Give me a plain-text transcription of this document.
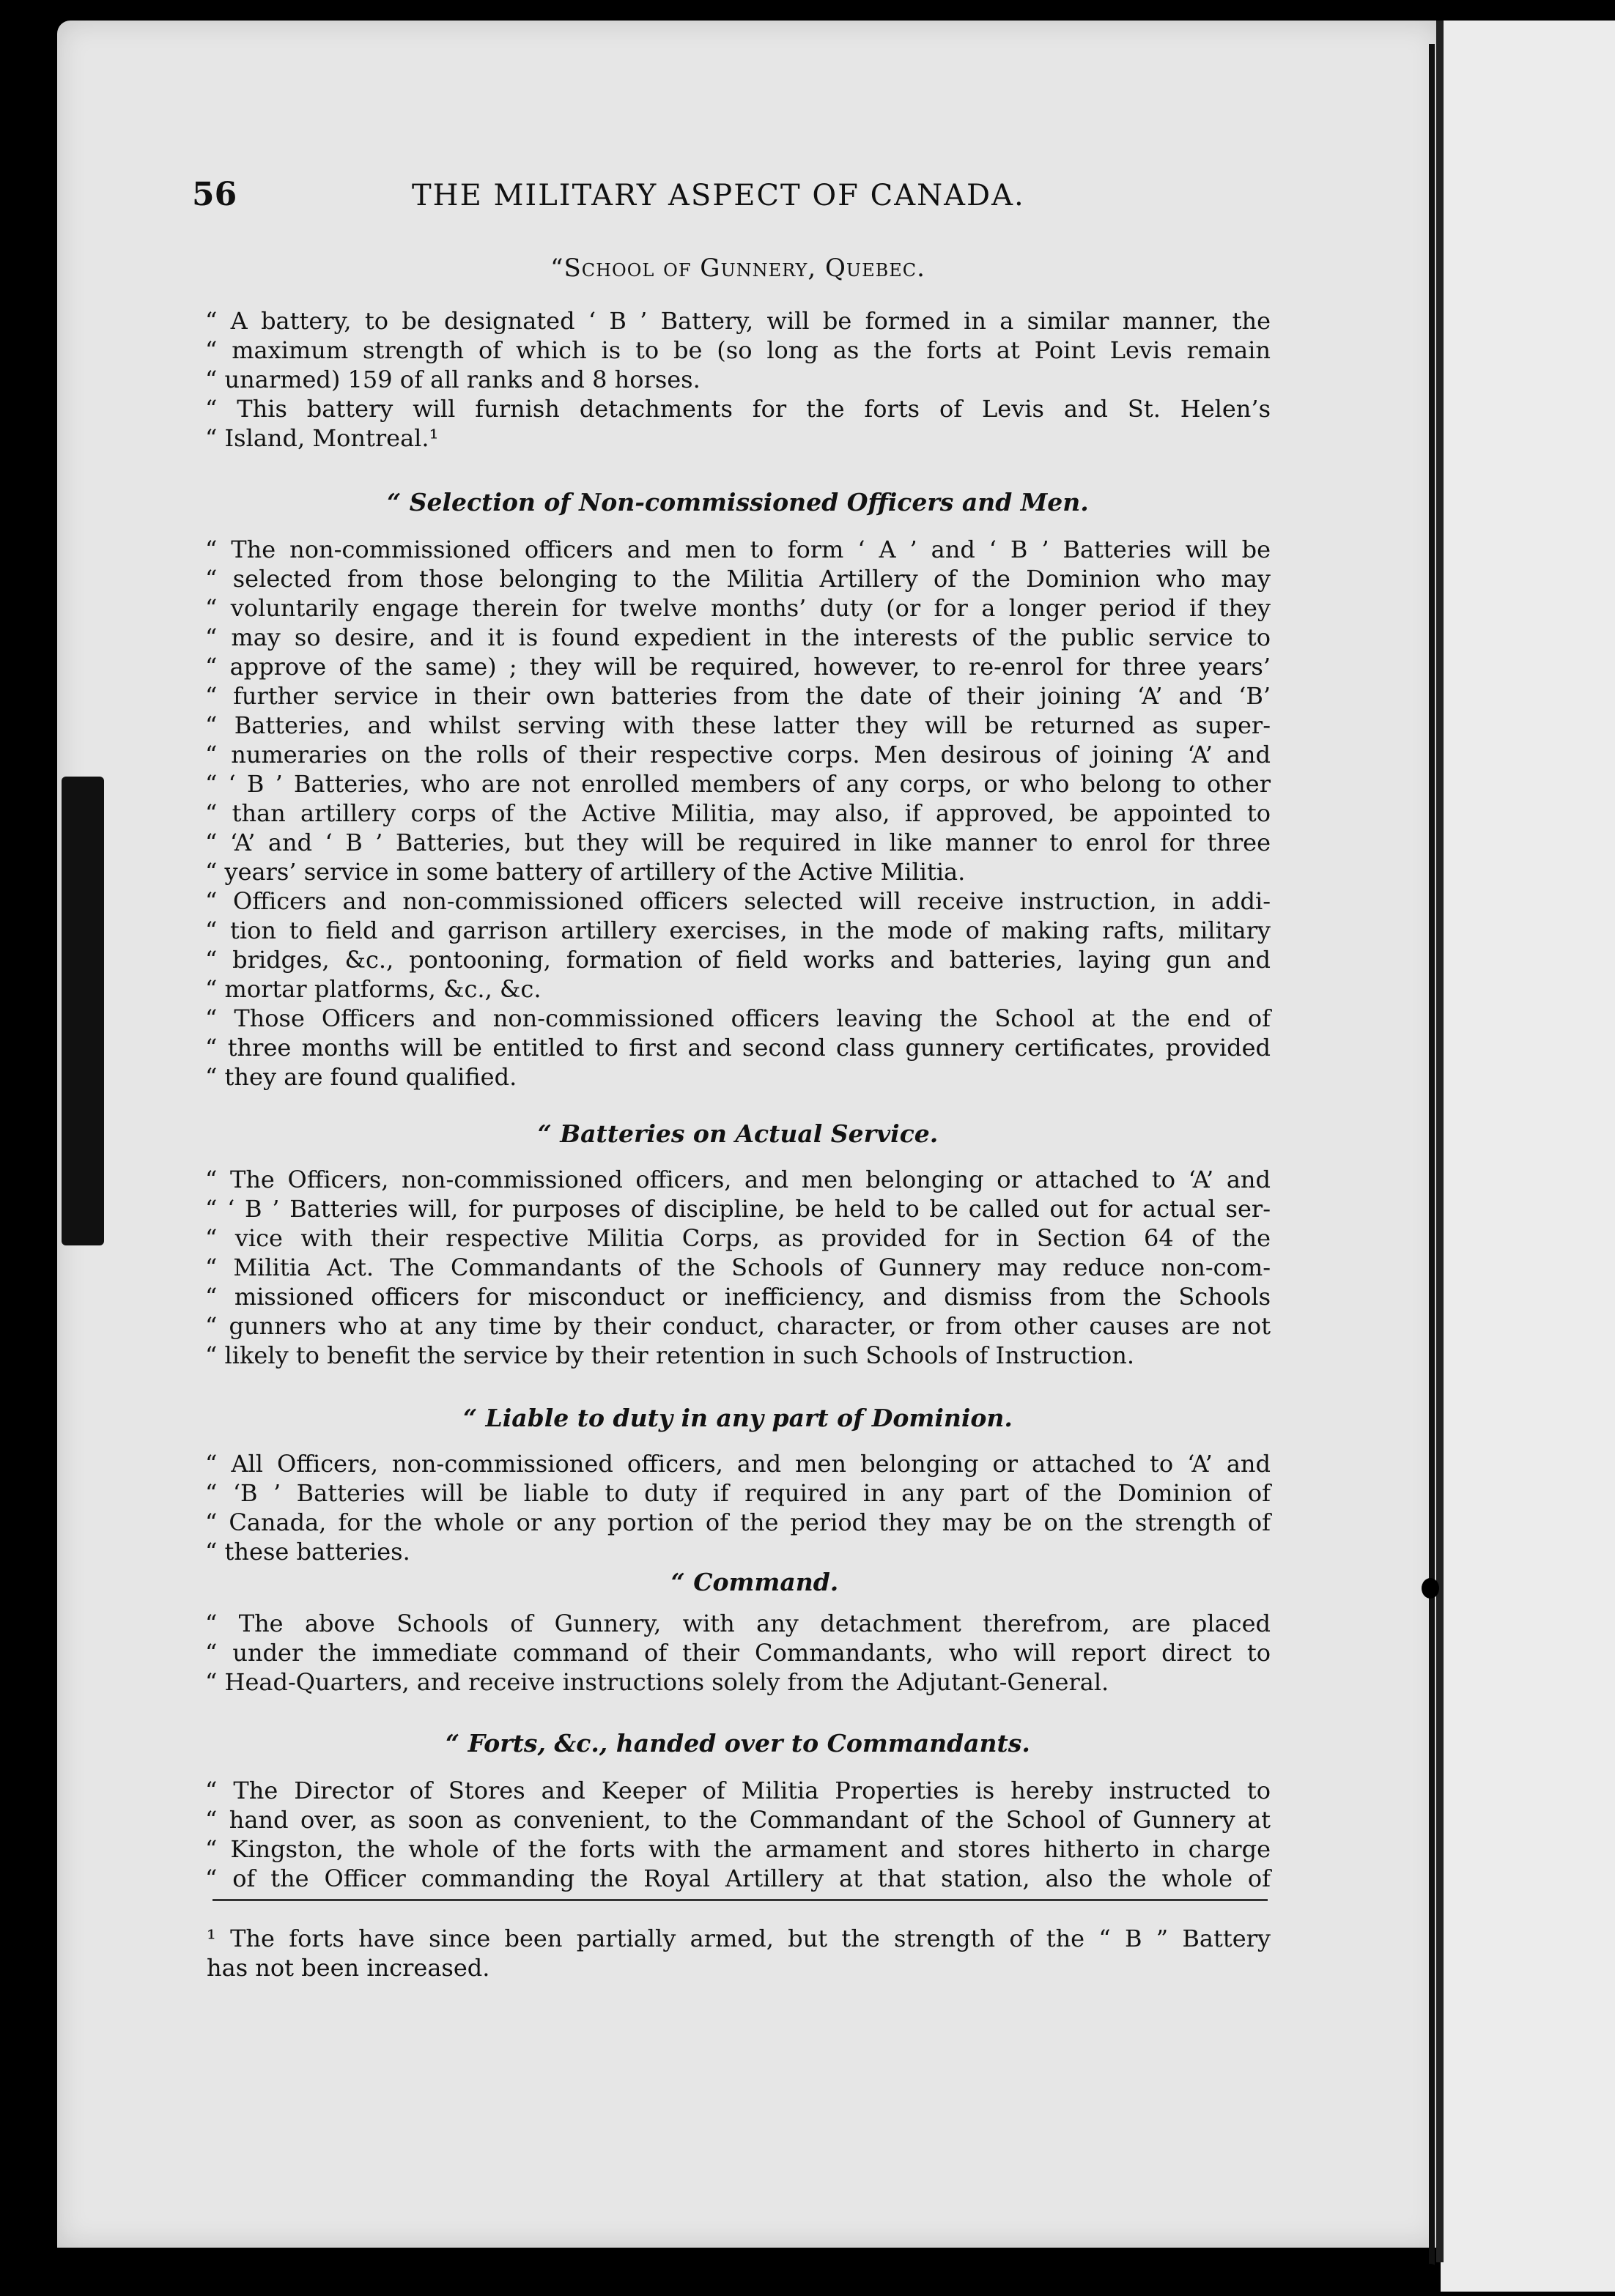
56	THE MILITARY ASPECT OF CANADA.
“School of Gunnery, Quebec.
“ A battery, to be designated ‘ B ’ Battery, will be formed in a similar manner, the
“ maximum strength of which is to be (so long as the forts at Point Levis remain
“ unarmed) 159 of all ranks and 8 horses.
“ This battery will furnish detachments for the forts of Levis and St. Helen’s
“ Island, Montreal.¹
“ Selection of Non-commissioned Officers and Men.
“ The non-commissioned officers and men to form ‘ A ’ and ‘ B ’ Batteries will be
“ selected from those belonging to the Militia Artillery of the Dominion who may
“ voluntarily engage therein for twelve months’ duty (or for a longer period if they
“ may so desire, and it is found expedient in the interests of the public service to
“ approve of the same) ; they will be required, however, to re-enrol for three years’
“ further service in their own batteries from the date of their joining ‘A’ and ‘B’
“ Batteries, and whilst serving with these latter they will be returned as super-
“ numeraries on the rolls of their respective corps. Men desirous of joining ‘A’ and
“ ‘ B ’ Batteries, who are not enrolled members of any corps, or who belong to other
“ than artillery corps of the Active Militia, may also, if approved, be appointed to
“ ‘A’ and ‘ B ’ Batteries, but they will be required in like manner to enrol for three
“ years’ service in some battery of artillery of the Active Militia.
“ Officers and non-commissioned officers selected will receive instruction, in addi-
“ tion to field and garrison artillery exercises, in the mode of making rafts, military
“ bridges, &c., pontooning, formation of field works and batteries, laying gun and
“ mortar platforms, &c., &c.
“ Those Officers and non-commissioned officers leaving the School at the end of
“ three months will be entitled to first and second class gunnery certificates, provided
“ they are found qualified.
“ Batteries on Actual Service.
“ The Officers, non-commissioned officers, and men belonging or attached to ‘A’ and
“ ‘ B ’ Batteries will, for purposes of discipline, be held to be called out for actual ser-
“ vice with their respective Militia Corps, as provided for in Section 64 of the
“ Militia Act. The Commandants of the Schools of Gunnery may reduce non-com-
“ missioned officers for misconduct or inefficiency, and dismiss from the Schools
“ gunners who at any time by their conduct, character, or from other causes are not
“ likely to benefit the service by their retention in such Schools of Instruction.
“ Liable to duty in any part of Dominion.
“ All Officers, non-commissioned officers, and men belonging or attached to ‘A’ and
“ ‘B ’ Batteries will be liable to duty if required in any part of the Dominion of
“ Canada, for the whole or any portion of the period they may be on the strength of
“ these batteries.
“ Command.
“ The above Schools of Gunnery, with any detachment therefrom, are placed
“ under the immediate command of their Commandants, who will report direct to
“ Head-Quarters, and receive instructions solely from the Adjutant-General.
“ Forts, &c., handed over to Commandants.
“ The Director of Stores and Keeper of Militia Properties is hereby instructed to
“ hand over, as soon as convenient, to the Commandant of the School of Gunnery at
“ Kingston, the whole of the forts with the armament and stores hitherto in charge
“ of the Officer commanding the Royal Artillery at that station, also the whole of
¹ The forts have since been partially armed, but the strength of the “ B ” Battery
has not been increased.
